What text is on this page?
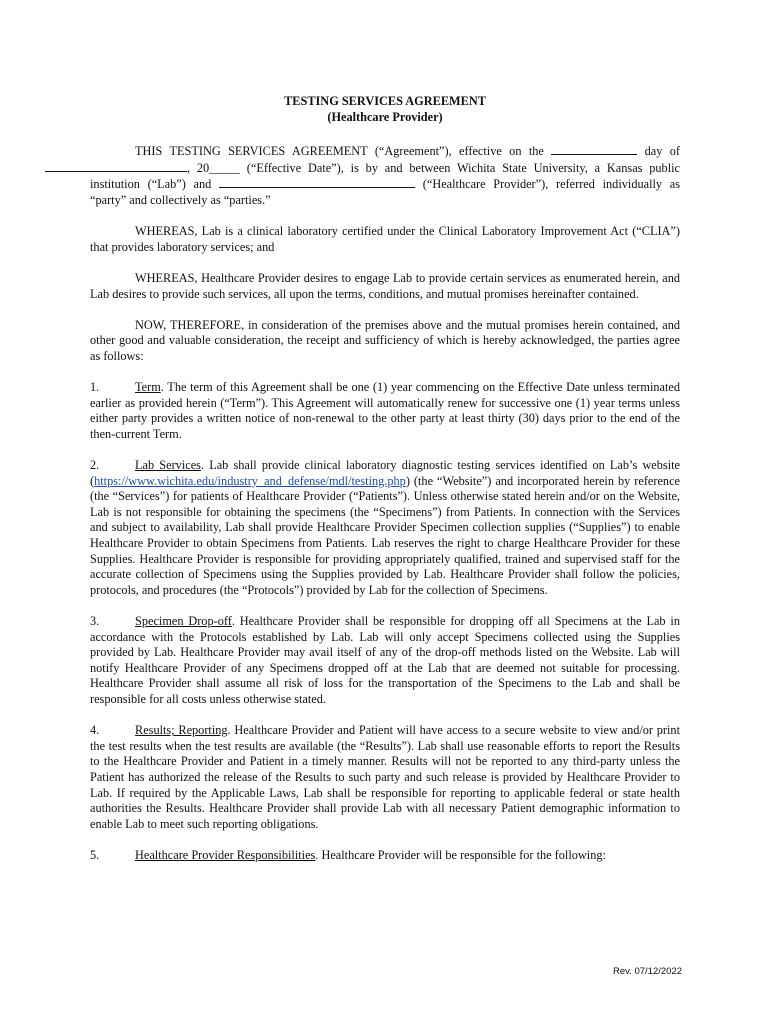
TESTING SERVICES AGREEMENT
(Healthcare Provider)

THIS TESTING SERVICES AGREEMENT (“Agreement”), effective on the	day of , 20_____ (“Effective Date”), is by and between Wichita State University, a Kansas public institution (“Lab”) and	(“Healthcare Provider”), referred individually as “party” and collectively as “parties.”

WHEREAS, Lab is a clinical laboratory certified under the Clinical Laboratory Improvement Act (“CLIA”) that provides laboratory services; and

WHEREAS, Healthcare Provider desires to engage Lab to provide certain services as enumerated herein, and Lab desires to provide such services, all upon the terms, conditions, and mutual promises hereinafter contained.

NOW, THEREFORE, in consideration of the premises above and the mutual promises herein contained, and other good and valuable consideration, the receipt and sufficiency of which is hereby acknowledged, the parties agree as follows:

1.	Term. The term of this Agreement shall be one (1) year commencing on the Effective Date unless terminated earlier as provided herein (“Term”). This Agreement will automatically renew for successive one (1) year terms unless either party provides a written notice of non-renewal to the other party at least thirty (30) days prior to the end of the then-current Term.

2.	Lab Services. Lab shall provide clinical laboratory diagnostic testing services identified on Lab’s website (https://www.wichita.edu/industry_and_defense/mdl/testing.php) (the “Website”) and incorporated herein by reference (the “Services”) for patients of Healthcare Provider (“Patients”). Unless otherwise stated herein and/or on the Website, Lab is not responsible for obtaining the specimens (the “Specimens”) from Patients. In connection with the Services and subject to availability, Lab shall provide Healthcare Provider Specimen collection supplies (“Supplies”) to enable Healthcare Provider to obtain Specimens from Patients. Lab reserves the right to charge Healthcare Provider for these Supplies. Healthcare Provider is responsible for providing appropriately qualified, trained and supervised staff for the accurate collection of Specimens using the Supplies provided by Lab. Healthcare Provider shall follow the policies, protocols, and procedures (the “Protocols”) provided by Lab for the collection of Specimens.

3.	Specimen Drop-off. Healthcare Provider shall be responsible for dropping off all Specimens at the Lab in accordance with the Protocols established by Lab. Lab will only accept Specimens collected using the Supplies provided by Lab. Healthcare Provider may avail itself of any of the drop-off methods listed on the Website. Lab will notify Healthcare Provider of any Specimens dropped off at the Lab that are deemed not suitable for processing. Healthcare Provider shall assume all risk of loss for the transportation of the Specimens to the Lab and shall be responsible for all costs unless otherwise stated.

4.	Results; Reporting. Healthcare Provider and Patient will have access to a secure website to view and/or print the test results when the test results are available (the “Results”). Lab shall use reasonable efforts to report the Results to the Healthcare Provider and Patient in a timely manner. Results will not be reported to any third-party unless the Patient has authorized the release of the Results to such party and such release is provided by Healthcare Provider to Lab. If required by the Applicable Laws, Lab shall be responsible for reporting to applicable federal or state health authorities the Results. Healthcare Provider shall provide Lab with all necessary Patient demographic information to enable Lab to meet such reporting obligations.

5.	Healthcare Provider Responsibilities. Healthcare Provider will be responsible for the following:

Rev. 07/12/2022
